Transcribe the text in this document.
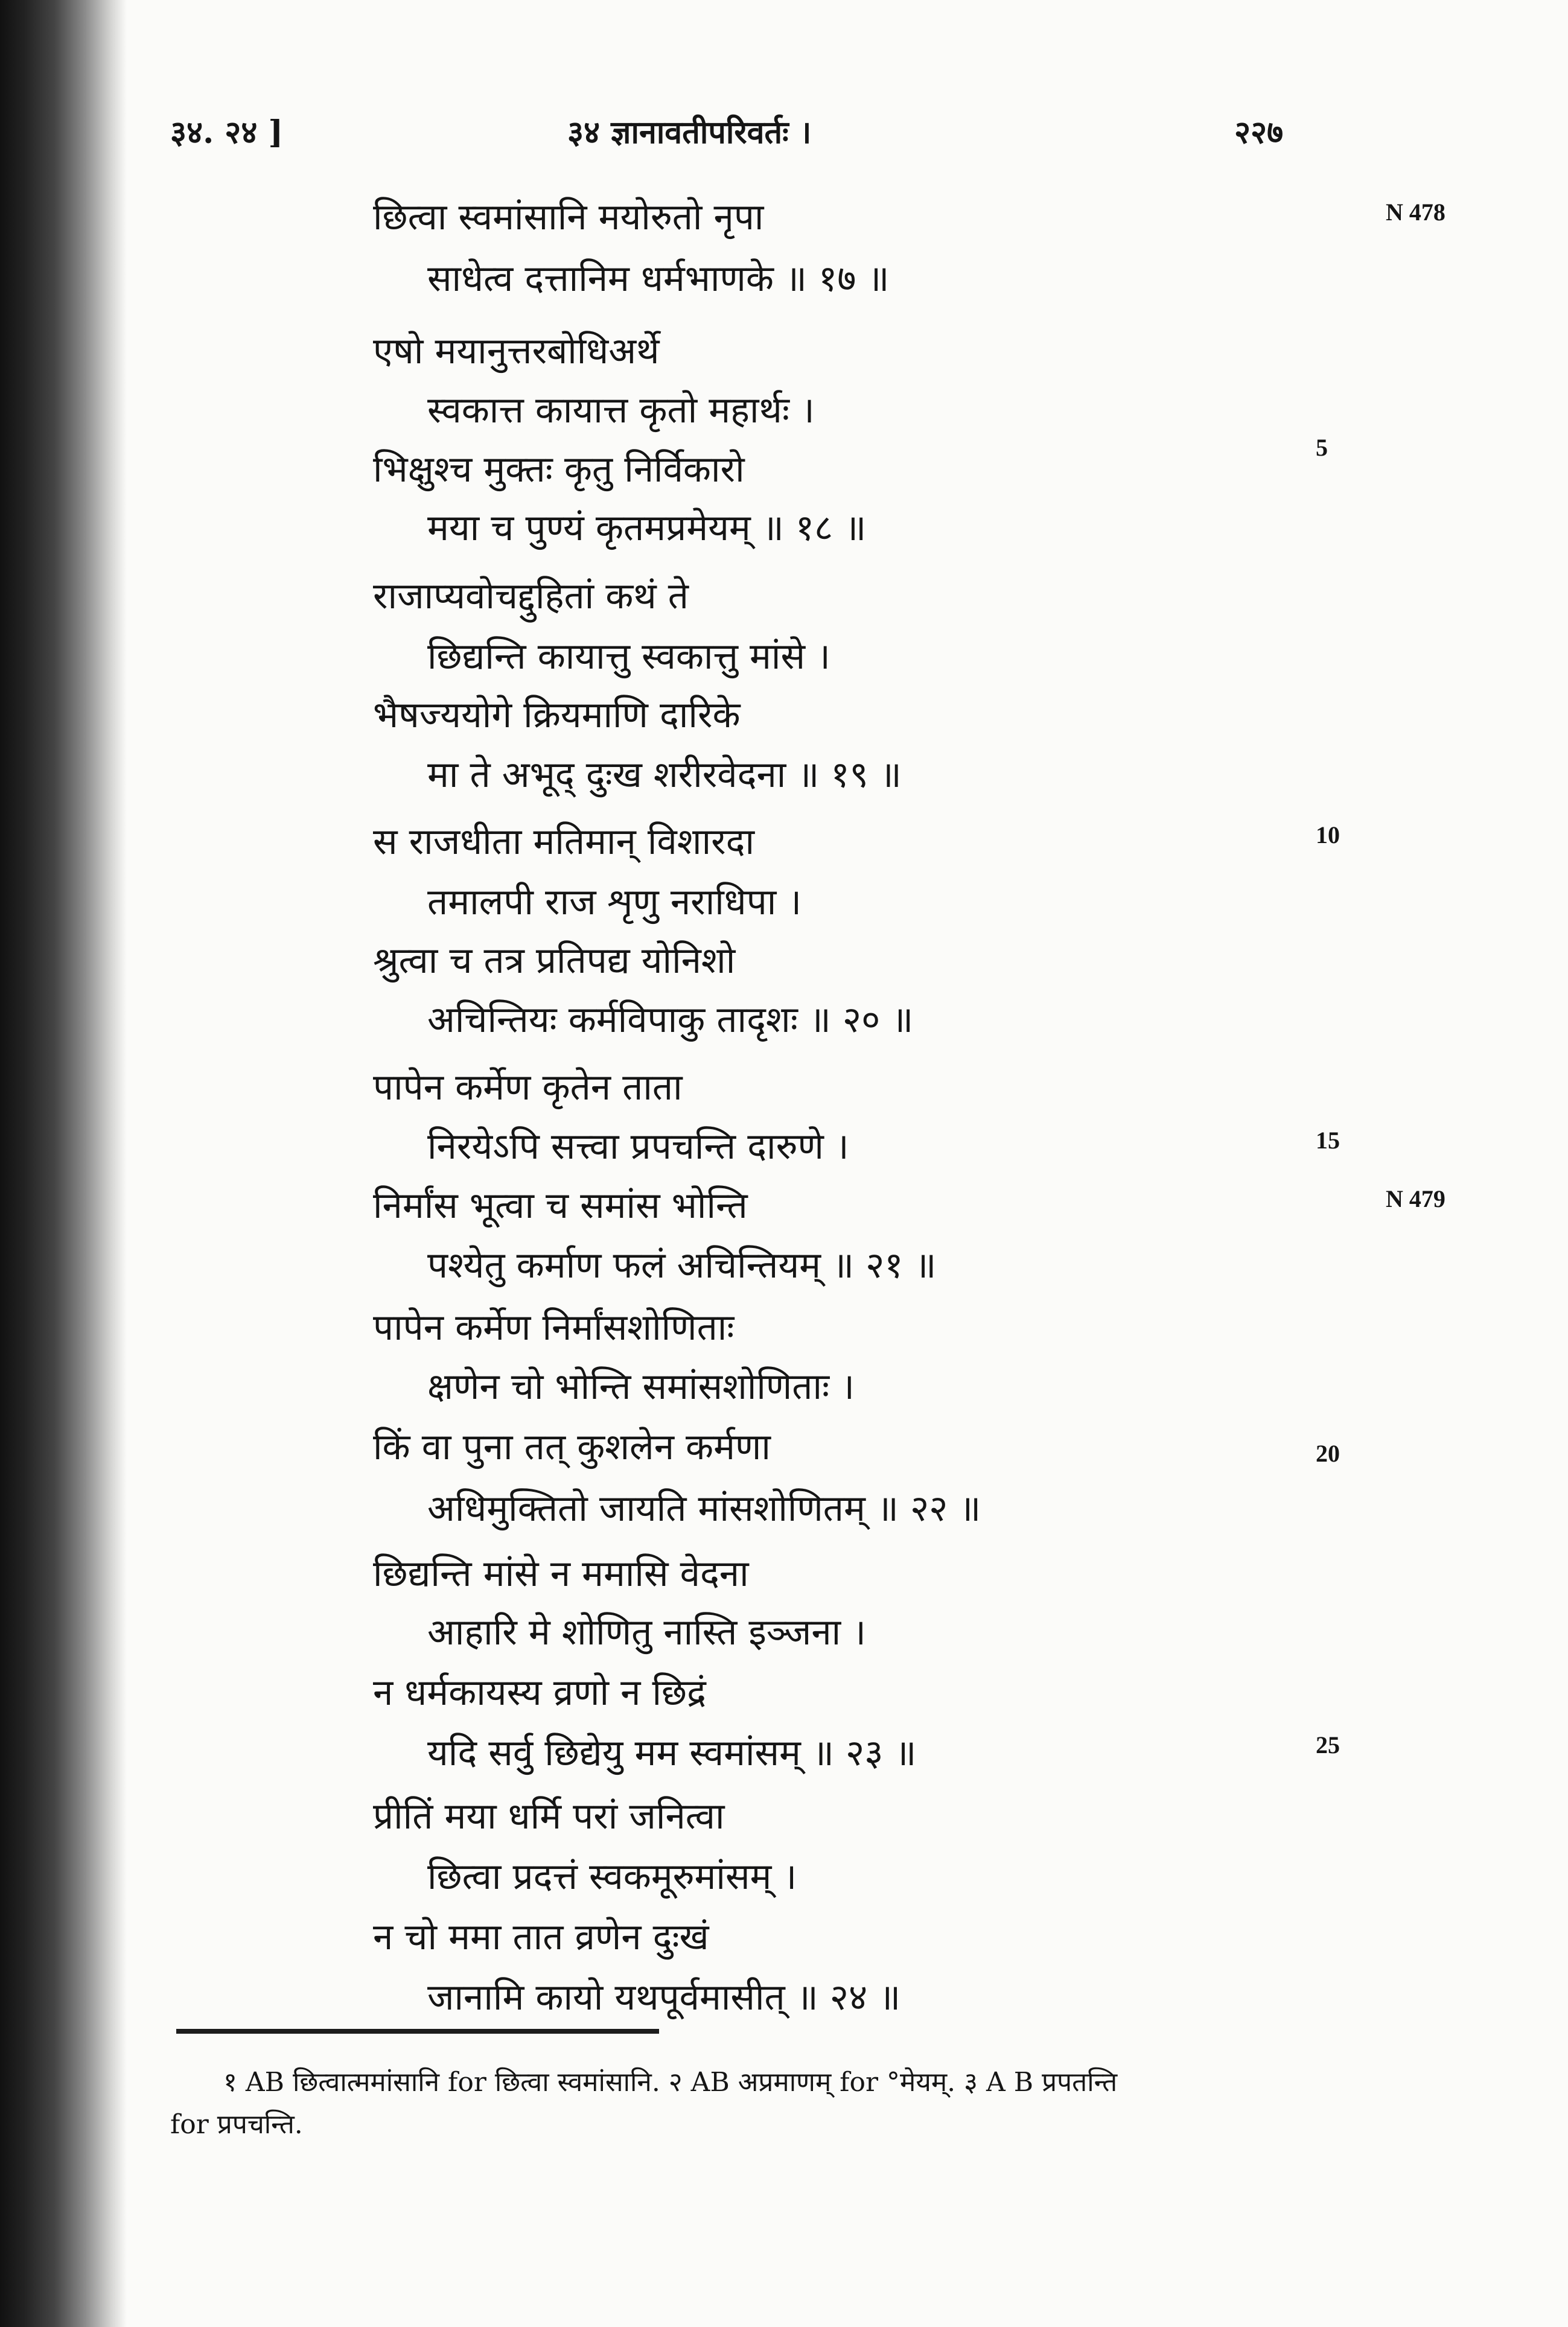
३४. २४ ]	३४ ज्ञानावतीपरिवर्तः ।	२२७
छित्वा स्वमांसानि मयोरुतो नृपा
साधेत्व दत्तानिम धर्मभाणके ॥ १७ ॥
एषो मयानुत्तरबोधिअर्थे
स्वकात्त कायात्त कृतो महार्थः ।
भिक्षुश्च मुक्तः कृतु निर्विकारो
मया च पुण्यं कृतमप्रमेयम् ॥ १८ ॥
राजाप्यवोचद्दुहितां कथं ते
छिद्यन्ति कायात्तु स्वकात्तु मांसे ।
भैषज्ययोगे क्रियमाणि दारिके
मा ते अभूद् दुःख शरीरवेदना ॥ १९ ॥
स राजधीता मतिमान् विशारदा
तमालपी राज शृणु नराधिपा ।
श्रुत्वा च तत्र प्रतिपद्य योनिशो
अचिन्तियः कर्मविपाकु तादृशः ॥ २० ॥
पापेन कर्मेण कृतेन ताता
निरयेऽपि सत्त्वा प्रपचन्ति दारुणे ।
निर्मांस भूत्वा च समांस भोन्ति
पश्येतु कर्माण फलं अचिन्तियम् ॥ २१ ॥
पापेन कर्मेण निर्मांसशोणिताः
क्षणेन चो भोन्ति समांसशोणिताः ।
किं वा पुना तत् कुशलेन कर्मणा
अधिमुक्तितो जायति मांसशोणितम् ॥ २२ ॥
छिद्यन्ति मांसे न ममासि वेदना
आहारि मे शोणितु नास्ति इञ्जना ।
न धर्मकायस्य व्रणो न छिद्रं
यदि सर्वु छिद्येयु मम स्वमांसम् ॥ २३ ॥
प्रीतिं मया धर्मि परां जनित्वा
छित्वा प्रदत्तं स्वकमूरुमांसम् ।
न चो ममा तात व्रणेन दुःखं
जानामि कायो यथपूर्वमासीत् ॥ २४ ॥
N 478
N 479
5
10
15
20
25
१ AB छित्वात्ममांसानि for छित्वा स्वमांसानि. २ AB अप्रमाणम् for °मेयम्. ३ A B प्रपतन्ति
for प्रपचन्ति.
